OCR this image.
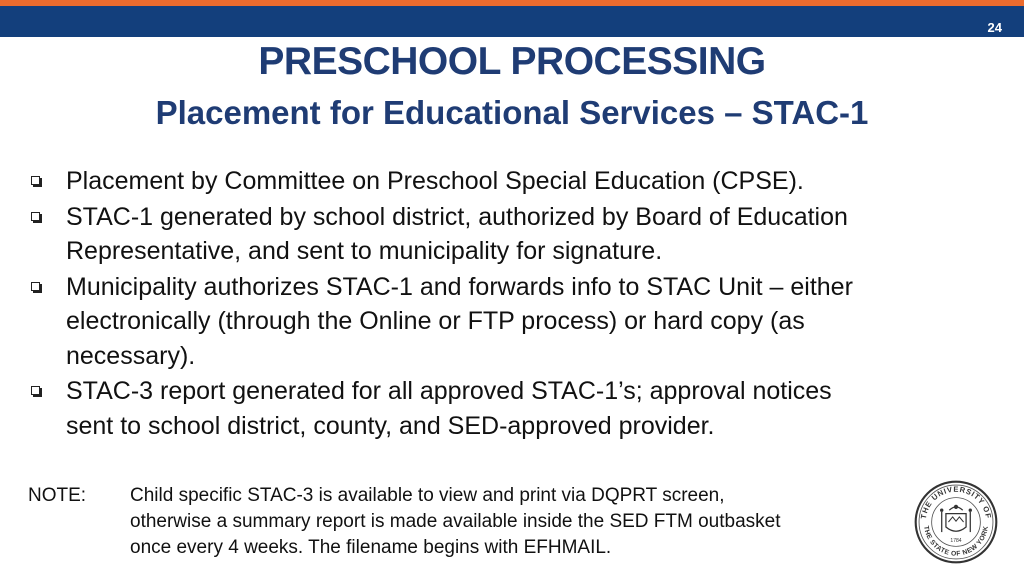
24
PRESCHOOL PROCESSING
Placement for Educational Services – STAC-1
Placement by Committee on Preschool Special Education (CPSE).
STAC-1 generated by school district, authorized by Board of Education
Representative, and sent to municipality for signature.
Municipality authorizes STAC-1 and forwards info to STAC Unit – either
electronically (through the Online or FTP process) or hard copy (as
necessary).
STAC-3 report generated for all approved STAC-1’s; approval notices
sent to school district, county, and SED-approved provider.
NOTE: Child specific STAC-3 is available to view and print via DQPRT screen,
otherwise a summary report is made available inside the SED FTM outbasket
once every 4 weeks. The filename begins with EFHMAIL.
THE UNIVERSITY OF
THE STATE OF NEW YORK
1784
